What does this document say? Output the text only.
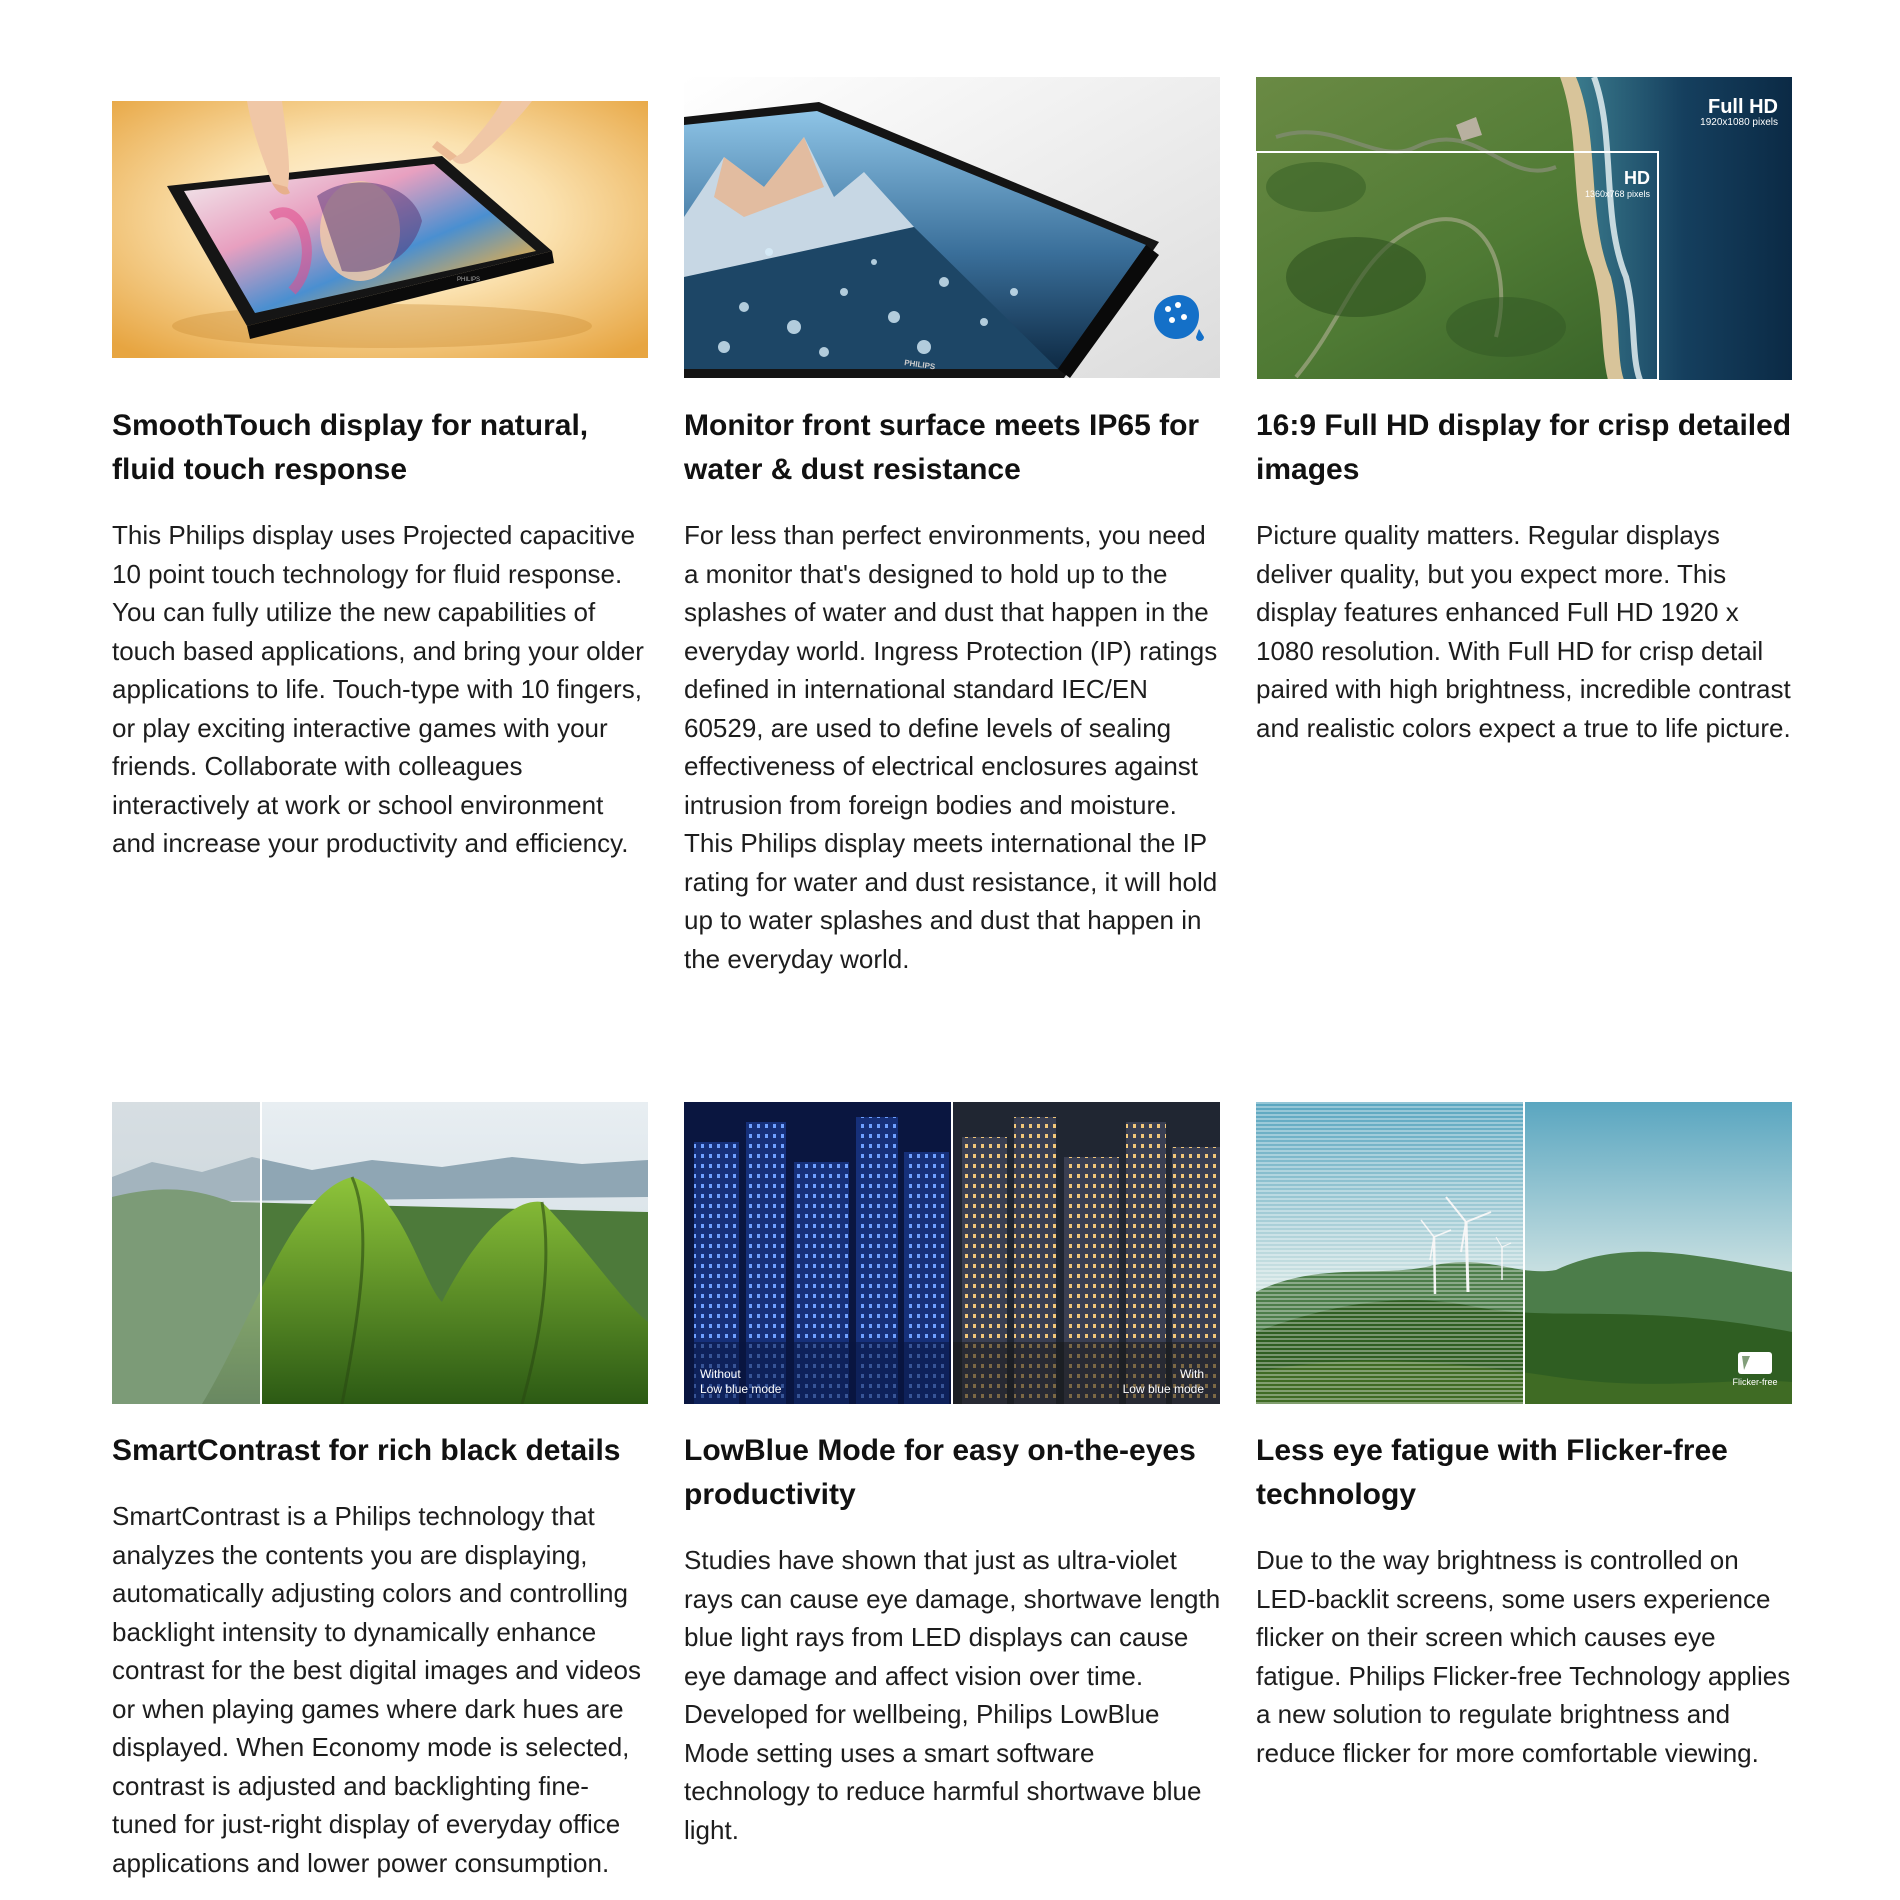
PHILIPS
SmoothTouch display for natural, fluid touch response

This Philips display uses Projected capacitive 10 point touch technology for fluid response. You can fully utilize the new capabilities of touch based applications, and bring your older applications to life. Touch-type with 10 fingers, or play exciting interactive games with your friends. Collaborate with colleagues interactively at work or school environment and increase your productivity and efficiency.

PHILIPS
Monitor front surface meets IP65 for water & dust resistance

For less than perfect environments, you need a monitor that's designed to hold up to the splashes of water and dust that happen in the everyday world. Ingress Protection (IP) ratings defined in international standard IEC/EN 60529, are used to define levels of sealing effectiveness of electrical enclosures against intrusion from foreign bodies and moisture. This Philips display meets international the IP rating for water and dust resistance, it will hold up to water splashes and dust that happen in the everyday world.

Full HD
1920x1080 pixels
HD
1360x768 pixels
16:9 Full HD display for crisp detailed images

Picture quality matters. Regular displays deliver quality, but you expect more. This display features enhanced Full HD 1920 x 1080 resolution. With Full HD for crisp detail paired with high brightness, incredible contrast and realistic colors expect a true to life picture.

SmartContrast for rich black details

SmartContrast is a Philips technology that analyzes the contents you are displaying, automatically adjusting colors and controlling backlight intensity to dynamically enhance contrast for the best digital images and videos or when playing games where dark hues are displayed. When Economy mode is selected, contrast is adjusted and backlighting fine-tuned for just-right display of everyday office applications and lower power consumption.

Without
Low blue mode
With
Low blue mode
LowBlue Mode for easy on-the-eyes productivity

Studies have shown that just as ultra-violet rays can cause eye damage, shortwave length blue light rays from LED displays can cause eye damage and affect vision over time. Developed for wellbeing, Philips LowBlue Mode setting uses a smart software technology to reduce harmful shortwave blue light.

Flicker-free
Less eye fatigue with Flicker-free technology

Due to the way brightness is controlled on LED-backlit screens, some users experience flicker on their screen which causes eye fatigue. Philips Flicker-free Technology applies a new solution to regulate brightness and reduce flicker for more comfortable viewing.
